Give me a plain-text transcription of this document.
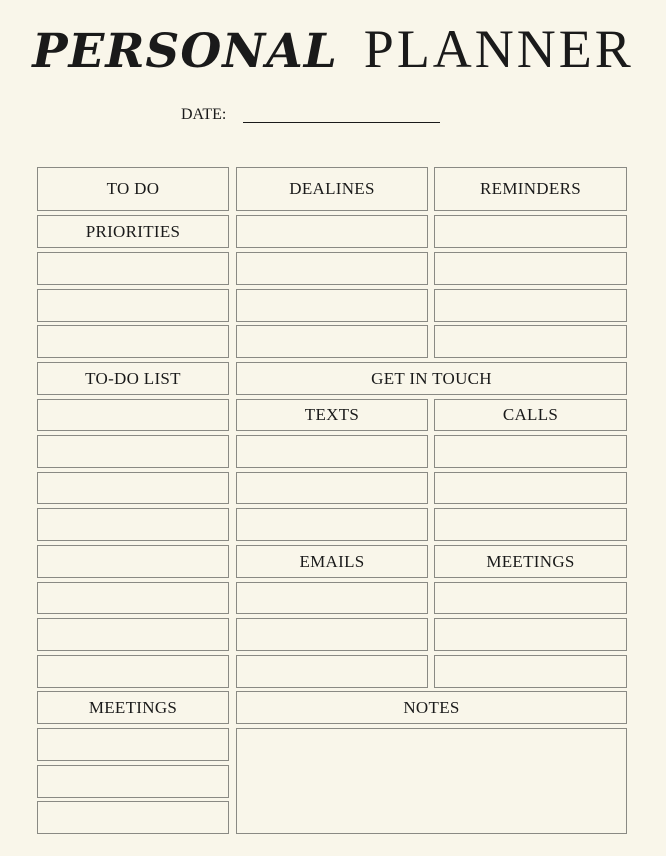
PERSONAL PLANNER
DATE:
TO DO
PRIORITIES
TO-DO LIST
MEETINGS
DEALINES	REMINDERS
GET IN TOUCH
TEXTS	CALLS
EMAILS	MEETINGS
NOTES
